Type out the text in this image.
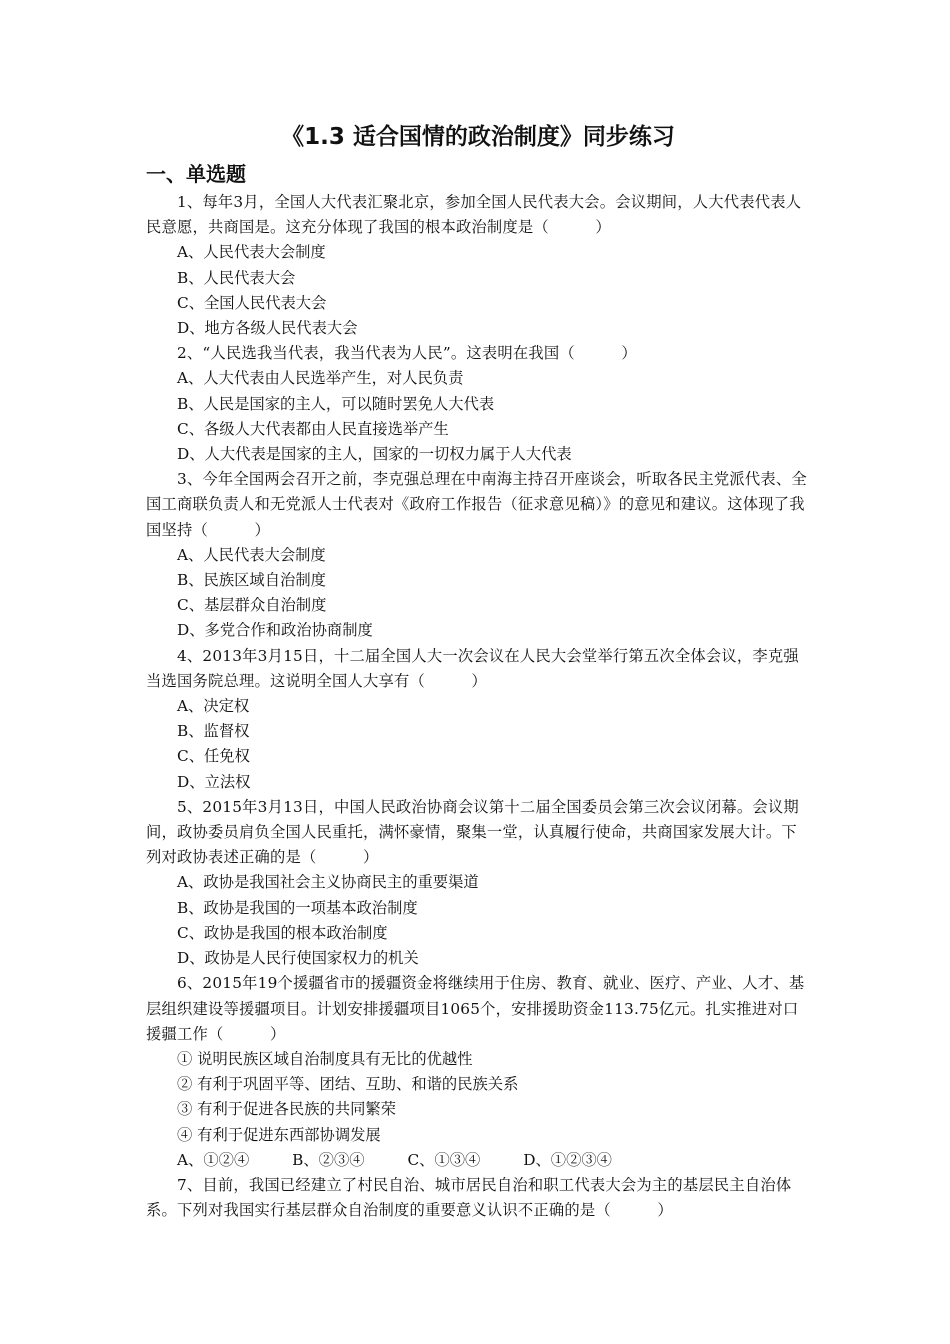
《1.3 适合国情的政治制度》同步练习
一、单选题

1、每年3月，全国人大代表汇聚北京，参加全国人民代表大会。会议期间，人大代表代表人民意愿，共商国是。这充分体现了我国的根本政治制度是（　　　）

A、人民代表大会制度

B、人民代表大会

C、全国人民代表大会

D、地方各级人民代表大会

2、“人民选我当代表，我当代表为人民”。这表明在我国（　　　）

A、人大代表由人民选举产生，对人民负责

B、人民是国家的主人，可以随时罢免人大代表

C、各级人大代表都由人民直接选举产生

D、人大代表是国家的主人，国家的一切权力属于人大代表

3、今年全国两会召开之前，李克强总理在中南海主持召开座谈会，听取各民主党派代表、全国工商联负责人和无党派人士代表对《政府工作报告（征求意见稿）》的意见和建议。这体现了我国坚持（　　　）

A、人民代表大会制度

B、民族区域自治制度

C、基层群众自治制度

D、多党合作和政治协商制度

4、2013年3月15日，十二届全国人大一次会议在人民大会堂举行第五次全体会议，李克强当选国务院总理。这说明全国人大享有（　　　）

A、决定权

B、监督权

C、任免权

D、立法权

5、2015年3月13日，中国人民政治协商会议第十二届全国委员会第三次会议闭幕。会议期间，政协委员肩负全国人民重托，满怀豪情，聚集一堂，认真履行使命，共商国家发展大计。下列对政协表述正确的是（　　　）

A、政协是我国社会主义协商民主的重要渠道

B、政协是我国的一项基本政治制度

C、政协是我国的根本政治制度

D、政协是人民行使国家权力的机关

6、2015年19个援疆省市的援疆资金将继续用于住房、教育、就业、医疗、产业、人才、基层组织建设等援疆项目。计划安排援疆项目1065个，安排援助资金113.75亿元。扎实推进对口援疆工作（　　　）

① 说明民族区域自治制度具有无比的优越性

② 有利于巩固平等、团结、互助、和谐的民族关系

③ 有利于促进各民族的共同繁荣

④ 有利于促进东西部协调发展

A、①②④	B、②③④	C、①③④	D、①②③④

7、目前，我国已经建立了村民自治、城市居民自治和职工代表大会为主的基层民主自治体系。下列对我国实行基层群众自治制度的重要意义认识不正确的是（　　　）
